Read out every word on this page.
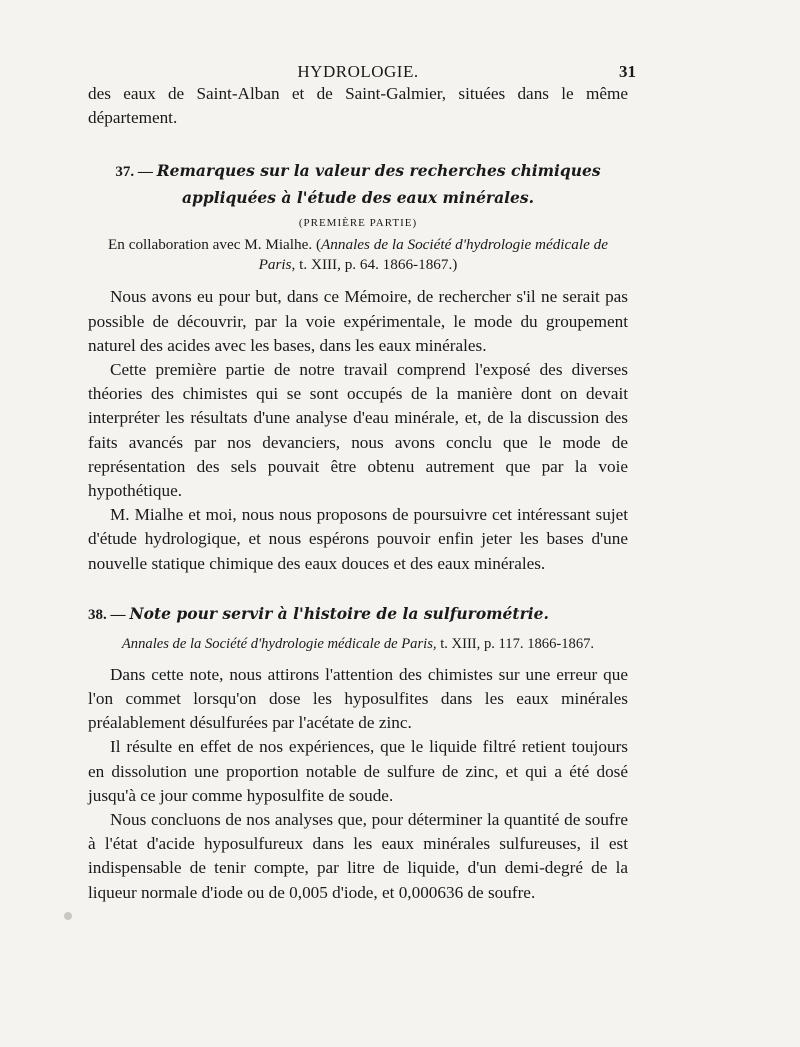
HYDROLOGIE.	31

des eaux de Saint-Alban et de Saint-Galmier, situées dans le même département.

37. — Remarques sur la valeur des recherches chimiques appliquées à l'étude des eaux minérales.
(PREMIÈRE PARTIE)
En collaboration avec M. Mialhe. (Annales de la Société d'hydrologie médicale de Paris, t. XIII, p. 64. 1866-1867.)

Nous avons eu pour but, dans ce Mémoire, de rechercher s'il ne serait pas possible de découvrir, par la voie expérimentale, le mode du groupement naturel des acides avec les bases, dans les eaux minérales.

Cette première partie de notre travail comprend l'exposé des diverses théories des chimistes qui se sont occupés de la manière dont on devait interpréter les résultats d'une analyse d'eau minérale, et, de la discussion des faits avancés par nos devanciers, nous avons conclu que le mode de représentation des sels pouvait être obtenu autrement que par la voie hypothétique.

M. Mialhe et moi, nous nous proposons de poursuivre cet intéressant sujet d'étude hydrologique, et nous espérons pouvoir enfin jeter les bases d'une nouvelle statique chimique des eaux douces et des eaux minérales.

38. — Note pour servir à l'histoire de la sulfurométrie.
Annales de la Société d'hydrologie médicale de Paris, t. XIII, p. 117. 1866-1867.

Dans cette note, nous attirons l'attention des chimistes sur une erreur que l'on commet lorsqu'on dose les hyposulfites dans les eaux minérales préalablement désulfurées par l'acétate de zinc.

Il résulte en effet de nos expériences, que le liquide filtré retient toujours en dissolution une proportion notable de sulfure de zinc, et qui a été dosé jusqu'à ce jour comme hyposulfite de soude.

Nous concluons de nos analyses que, pour déterminer la quantité de soufre à l'état d'acide hyposulfureux dans les eaux minérales sulfureuses, il est indispensable de tenir compte, par litre de liquide, d'un demi-degré de la liqueur normale d'iode ou de 0,005 d'iode, et 0,000636 de soufre.
